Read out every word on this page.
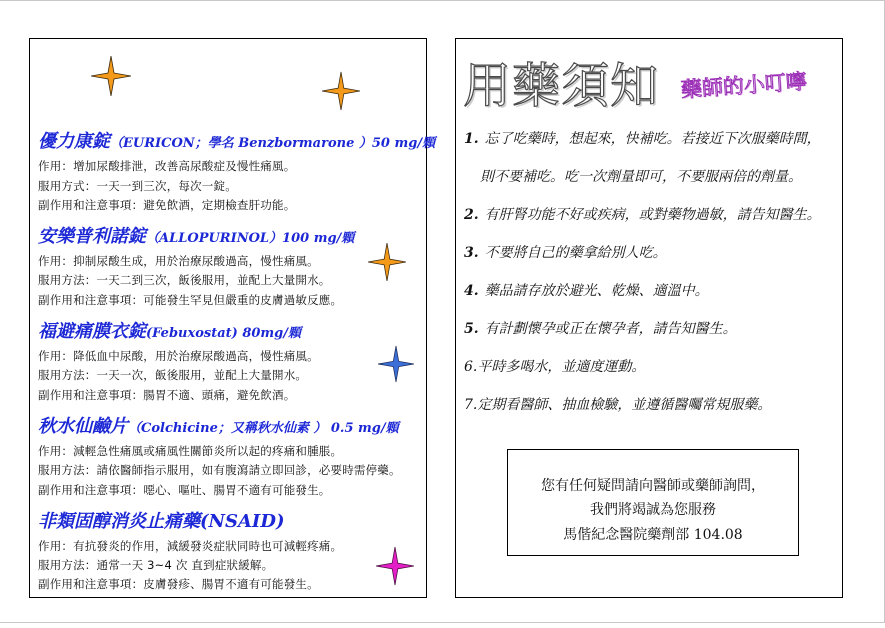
優力康錠（EURICON；學名 Benzbormarone ）50 mg/顆
作用：增加尿酸排泄，改善高尿酸症及慢性痛風。
服用方式：一天一到三次，每次一錠。
副作用和注意事項：避免飲酒，定期檢查肝功能。
安樂普利諾錠（ALLOPURINOL）100 mg/顆
作用：抑制尿酸生成，用於治療尿酸過高，慢性痛風。
服用方法：一天二到三次，飯後服用，並配上大量開水。
副作用和注意事項：可能發生罕見但嚴重的皮膚過敏反應。
福避痛膜衣錠(Febuxostat) 80mg/顆
作用：降低血中尿酸，用於治療尿酸過高，慢性痛風。
服用方法：一天一次，飯後服用，並配上大量開水。
副作用和注意事項：腸胃不適、頭痛，避免飲酒。
秋水仙鹼片（Colchicine；又稱秋水仙素 ） 0.5 mg/顆
作用：減輕急性痛風或痛風性關節炎所以起的疼痛和腫脹。
服用方法：請依醫師指示服用，如有腹瀉請立即回診，必要時需停藥。
副作用和注意事項：噁心、嘔吐、腸胃不適有可能發生。
非類固醇消炎止痛藥(NSAID)
作用：有抗發炎的作用，減緩發炎症狀同時也可減輕疼痛。
服用方法：通常一天 3~4 次 直到症狀緩解。
副作用和注意事項：皮膚發疹、腸胃不適有可能發生。
用藥須知 藥師的小叮嚀
1. 忘了吃藥時，想起來，快補吃。若接近下次服藥時間，
則不要補吃。吃一次劑量即可，不要服兩倍的劑量。
2. 有肝腎功能不好或疾病，或對藥物過敏，請告知醫生。
3. 不要將自己的藥拿給別人吃。
4. 藥品請存放於避光、乾燥、適溫中。
5. 有計劃懷孕或正在懷孕者，請告知醫生。
6.平時多喝水，並適度運動。
7.定期看醫師、抽血檢驗，並遵循醫囑常規服藥。
您有任何疑問請向醫師或藥師詢問，
我們將竭誠為您服務
馬偕紀念醫院藥劑部 104.08
